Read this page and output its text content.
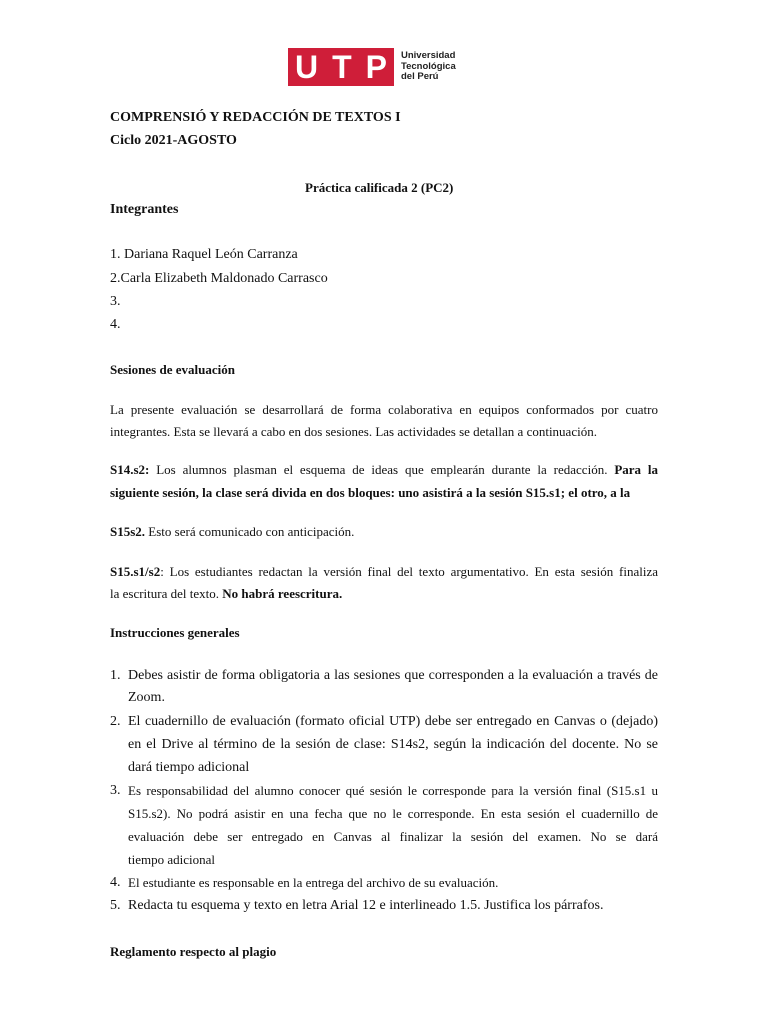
U T P Universidad
Tecnológica
del Perú
COMPRENSIÓ Y REDACCIÓN DE TEXTOS I
Ciclo 2021-AGOSTO
Práctica calificada 2 (PC2)
Integrantes
1. Dariana Raquel León Carranza
2.Carla Elizabeth Maldonado Carrasco
3.
4.
Sesiones de evaluación
La presente evaluación se desarrollará de forma colaborativa en equipos conformados por cuatro
integrantes. Esta se llevará a cabo en dos sesiones. Las actividades se detallan a continuación.
S14.s2: Los alumnos plasman el esquema de ideas que emplearán durante la redacción. Para la
siguiente sesión, la clase será divida en dos bloques: uno asistirá a la sesión S15.s1; el otro, a la
S15s2. Esto será comunicado con anticipación.
S15.s1/s2: Los estudiantes redactan la versión final del texto argumentativo. En esta sesión finaliza
la escritura del texto. No habrá reescritura.
Instrucciones generales
1. Debes asistir de forma obligatoria a las sesiones que corresponden a la evaluación a través de
Zoom.
2. El cuadernillo de evaluación (formato oficial UTP) debe ser entregado en Canvas o (dejado)
en el Drive al término de la sesión de clase: S14s2, según la indicación del docente. No se
dará tiempo adicional
3. Es responsabilidad del alumno conocer qué sesión le corresponde para la versión final (S15.s1 u
S15.s2). No podrá asistir en una fecha que no le corresponde. En esta sesión el cuadernillo de
evaluación debe ser entregado en Canvas al finalizar la sesión del examen. No se dará
tiempo adicional
4. El estudiante es responsable en la entrega del archivo de su evaluación.
5. Redacta tu esquema y texto en letra Arial 12 e interlineado 1.5. Justifica los párrafos.
Reglamento respecto al plagio
